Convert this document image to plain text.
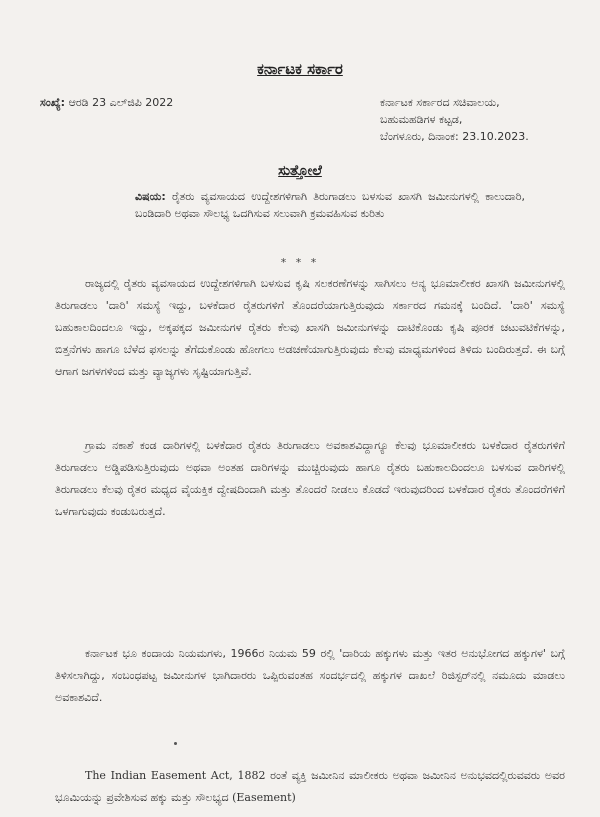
ಕರ್ನಾಟಕ ಸರ್ಕಾರ
ಸಂಖ್ಯೆ: ಆರ‍ಡಿ 23 ಎಲ್‌ಜಿಪಿ 2022	ಕರ್ನಾಟಕ ಸರ್ಕಾರದ ಸಚಿವಾಲಯ,
ಬಹುಮಹಡಿಗಳ ಕಟ್ಟಡ,
ಬೆಂಗಳೂರು, ದಿನಾಂಕ: 23.10.2023.
ಸುತ್ತೋಲೆ
ವಿಷಯ: ರೈತರು ವ್ಯವಸಾಯದ ಉದ್ದೇಶಗಳಿಗಾಗಿ ತಿರುಗಾಡಲು ಬಳಸುವ ಖಾಸಗಿ ಜಮೀನುಗಳಲ್ಲಿ ಕಾಲುದಾರಿ, ಬಂಡಿದಾರಿ ಅಥವಾ ಸೌಲಭ್ಯ ಒದಗಿಸುವ ಸಲುವಾಗಿ ಕ್ರಮವಹಿಸುವ ಕುರಿತು
* * *

ರಾಜ್ಯದಲ್ಲಿ ರೈತರು ವ್ಯವಸಾಯದ ಉದ್ದೇಶಗಳಿಗಾಗಿ ಬಳಸುವ ಕೃಷಿ ಸಲಕರಣೆಗಳನ್ನು ಸಾಗಿಸಲು ಅನ್ಯ ಭೂಮಾಲೀಕರ ಖಾಸಗಿ ಜಮೀನುಗಳಲ್ಲಿ ತಿರುಗಾಡಲು 'ದಾರಿ' ಸಮಸ್ಯೆ ಇದ್ದು, ಬಳಕೆದಾರ ರೈತರುಗಳಿಗೆ ತೊಂದರೆಯಾಗುತ್ತಿರುವುದು ಸರ್ಕಾರದ ಗಮನಕ್ಕೆ ಬಂದಿದೆ. 'ದಾರಿ' ಸಮಸ್ಯೆ ಬಹುಕಾಲದಿಂದಲೂ ಇದ್ದು, ಅಕ್ಕಪಕ್ಕದ ಜಮೀನುಗಳ ರೈತರು ಕೆಲವು ಖಾಸಗಿ ಜಮೀನುಗಳನ್ನು ದಾಟಿಕೊಂಡು ಕೃಷಿ ಪೂರಕ ಚಟುವಟಿಕೆಗಳನ್ನು, ಬಿತ್ತನೆಗಳು ಹಾಗೂ ಬೆಳೆದ ಫಸಲನ್ನು ತೆಗೆದುಕೊಂಡು ಹೋಗಲು ಅಡಚಣೆಯಾಗುತ್ತಿರುವುದು ಕೆಲವು ಮಾಧ್ಯಮಗಳಿಂದ ತಿಳಿದು ಬಂದಿರುತ್ತದೆ. ಈ ಬಗ್ಗೆ ಆಗಾಗ ಜಗಳಗಳಿಂದ ಮತ್ತು ವ್ಯಾಜ್ಯಗಳು ಸೃಷ್ಟಿಯಾಗುತ್ತಿವೆ.

ಗ್ರಾಮ ನಕಾಶೆ ಕಂಡ ದಾರಿಗಳಲ್ಲಿ ಬಳಕೆದಾರ ರೈತರು ತಿರುಗಾಡಲು ಅವಕಾಶವಿದ್ದಾಗ್ಯೂ ಕೆಲವು ಭೂಮಾಲೀಕರು ಬಳಕೆದಾರ ರೈತರುಗಳಿಗೆ ತಿರುಗಾಡಲು ಅಡ್ಡಿಪಡಿಸುತ್ತಿರುವುದು ಅಥವಾ ಅಂತಹ ದಾರಿಗಳನ್ನು ಮುಚ್ಚಿರುವುದು ಹಾಗೂ ರೈತರು ಬಹುಕಾಲದಿಂದಲೂ ಬಳಸುವ ದಾರಿಗಳಲ್ಲಿ ತಿರುಗಾಡಲು ಕೆಲವು ರೈತರ ಮಧ್ಯದ ವೈಯಕ್ತಿಕ ದ್ವೇಷದಿಂದಾಗಿ ಮತ್ತು ತೊಂದರೆ ನೀಡಲು ಕೊಡದೆ ಇರುವುದರಿಂದ ಬಳಕೆದಾರ ರೈತರು ತೊಂದರೆಗಳಿಗೆ ಒಳಗಾಗುವುದು ಕಂಡುಬರುತ್ತದೆ.

ಕರ್ನಾಟಕ ಭೂ ಕಂದಾಯ ನಿಯಮಗಳು, 1966ರ ನಿಯಮ 59 ರಲ್ಲಿ 'ದಾರಿಯ ಹಕ್ಕುಗಳು ಮತ್ತು ಇತರ ಅನುಭೋಗದ ಹಕ್ಕುಗಳ' ಬಗ್ಗೆ ತಿಳಿಸಲಾಗಿದ್ದು, ಸಂಬಂಧಪಟ್ಟ ಜಮೀನುಗಳ ಭಾಗಿದಾರರು ಒಪ್ಪಿರುವಂತಹ ಸಂದರ್ಭದಲ್ಲಿ ಹಕ್ಕುಗಳ ದಾಖಲೆ ರಿಜಿಸ್ಟರ್‌ನಲ್ಲಿ ನಮೂದು ಮಾಡಲು ಅವಕಾಶವಿದೆ.

The Indian Easement Act, 1882 ರಂತೆ ವ್ಯಕ್ತಿ ಜಮೀನಿನ ಮಾಲೀಕರು ಅಥವಾ ಜಮೀನಿನ ಅನುಭವದಲ್ಲಿರುವವರು ಅವರ ಭೂಮಿಯನ್ನು ಪ್ರವೇಶಿಸುವ ಹಕ್ಕು ಮತ್ತು ಸೌಲಭ್ಯದ (Easement)
